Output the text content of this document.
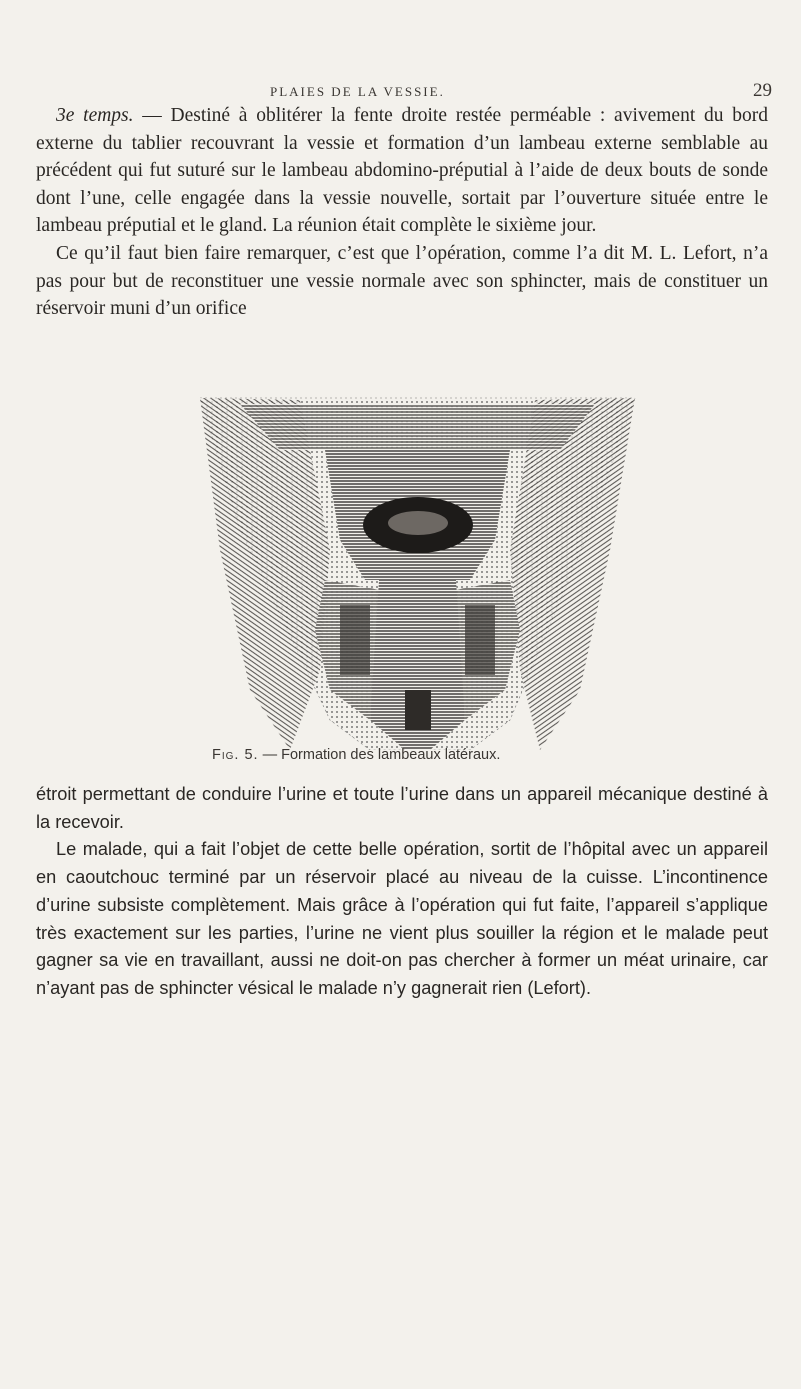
PLAIES DE LA VESSIE.	29

3e temps. — Destiné à oblitérer la fente droite restée perméable : avivement du bord externe du tablier recouvrant la vessie et formation d’un lambeau externe semblable au précédent qui fut suturé sur le lambeau abdomino-préputial à l’aide de deux bouts de sonde dont l’une, celle engagée dans la vessie nouvelle, sortait par l’ouverture située entre le lambeau préputial et le gland. La réunion était complète le sixième jour.

Ce qu’il faut bien faire remarquer, c’est que l’opération, comme l’a dit M. L. Lefort, n’a pas pour but de reconstituer une vessie normale avec son sphincter, mais de constituer un réservoir muni d’un orifice

Fig. 5. — Formation des lambeaux latéraux.

étroit permettant de conduire l’urine et toute l’urine dans un appareil mécanique destiné à la recevoir.

Le malade, qui a fait l’objet de cette belle opération, sortit de l’hôpital avec un appareil en caoutchouc terminé par un réservoir placé au niveau de la cuisse. L’incontinence d’urine subsiste complètement. Mais grâce à l’opération qui fut faite, l’appareil s’applique très exactement sur les parties, l’urine ne vient plus souiller la région et le malade peut gagner sa vie en travaillant, aussi ne doit-on pas chercher à former un méat urinaire, car n’ayant pas de sphincter vésical le malade n’y gagnerait rien (Lefort).
